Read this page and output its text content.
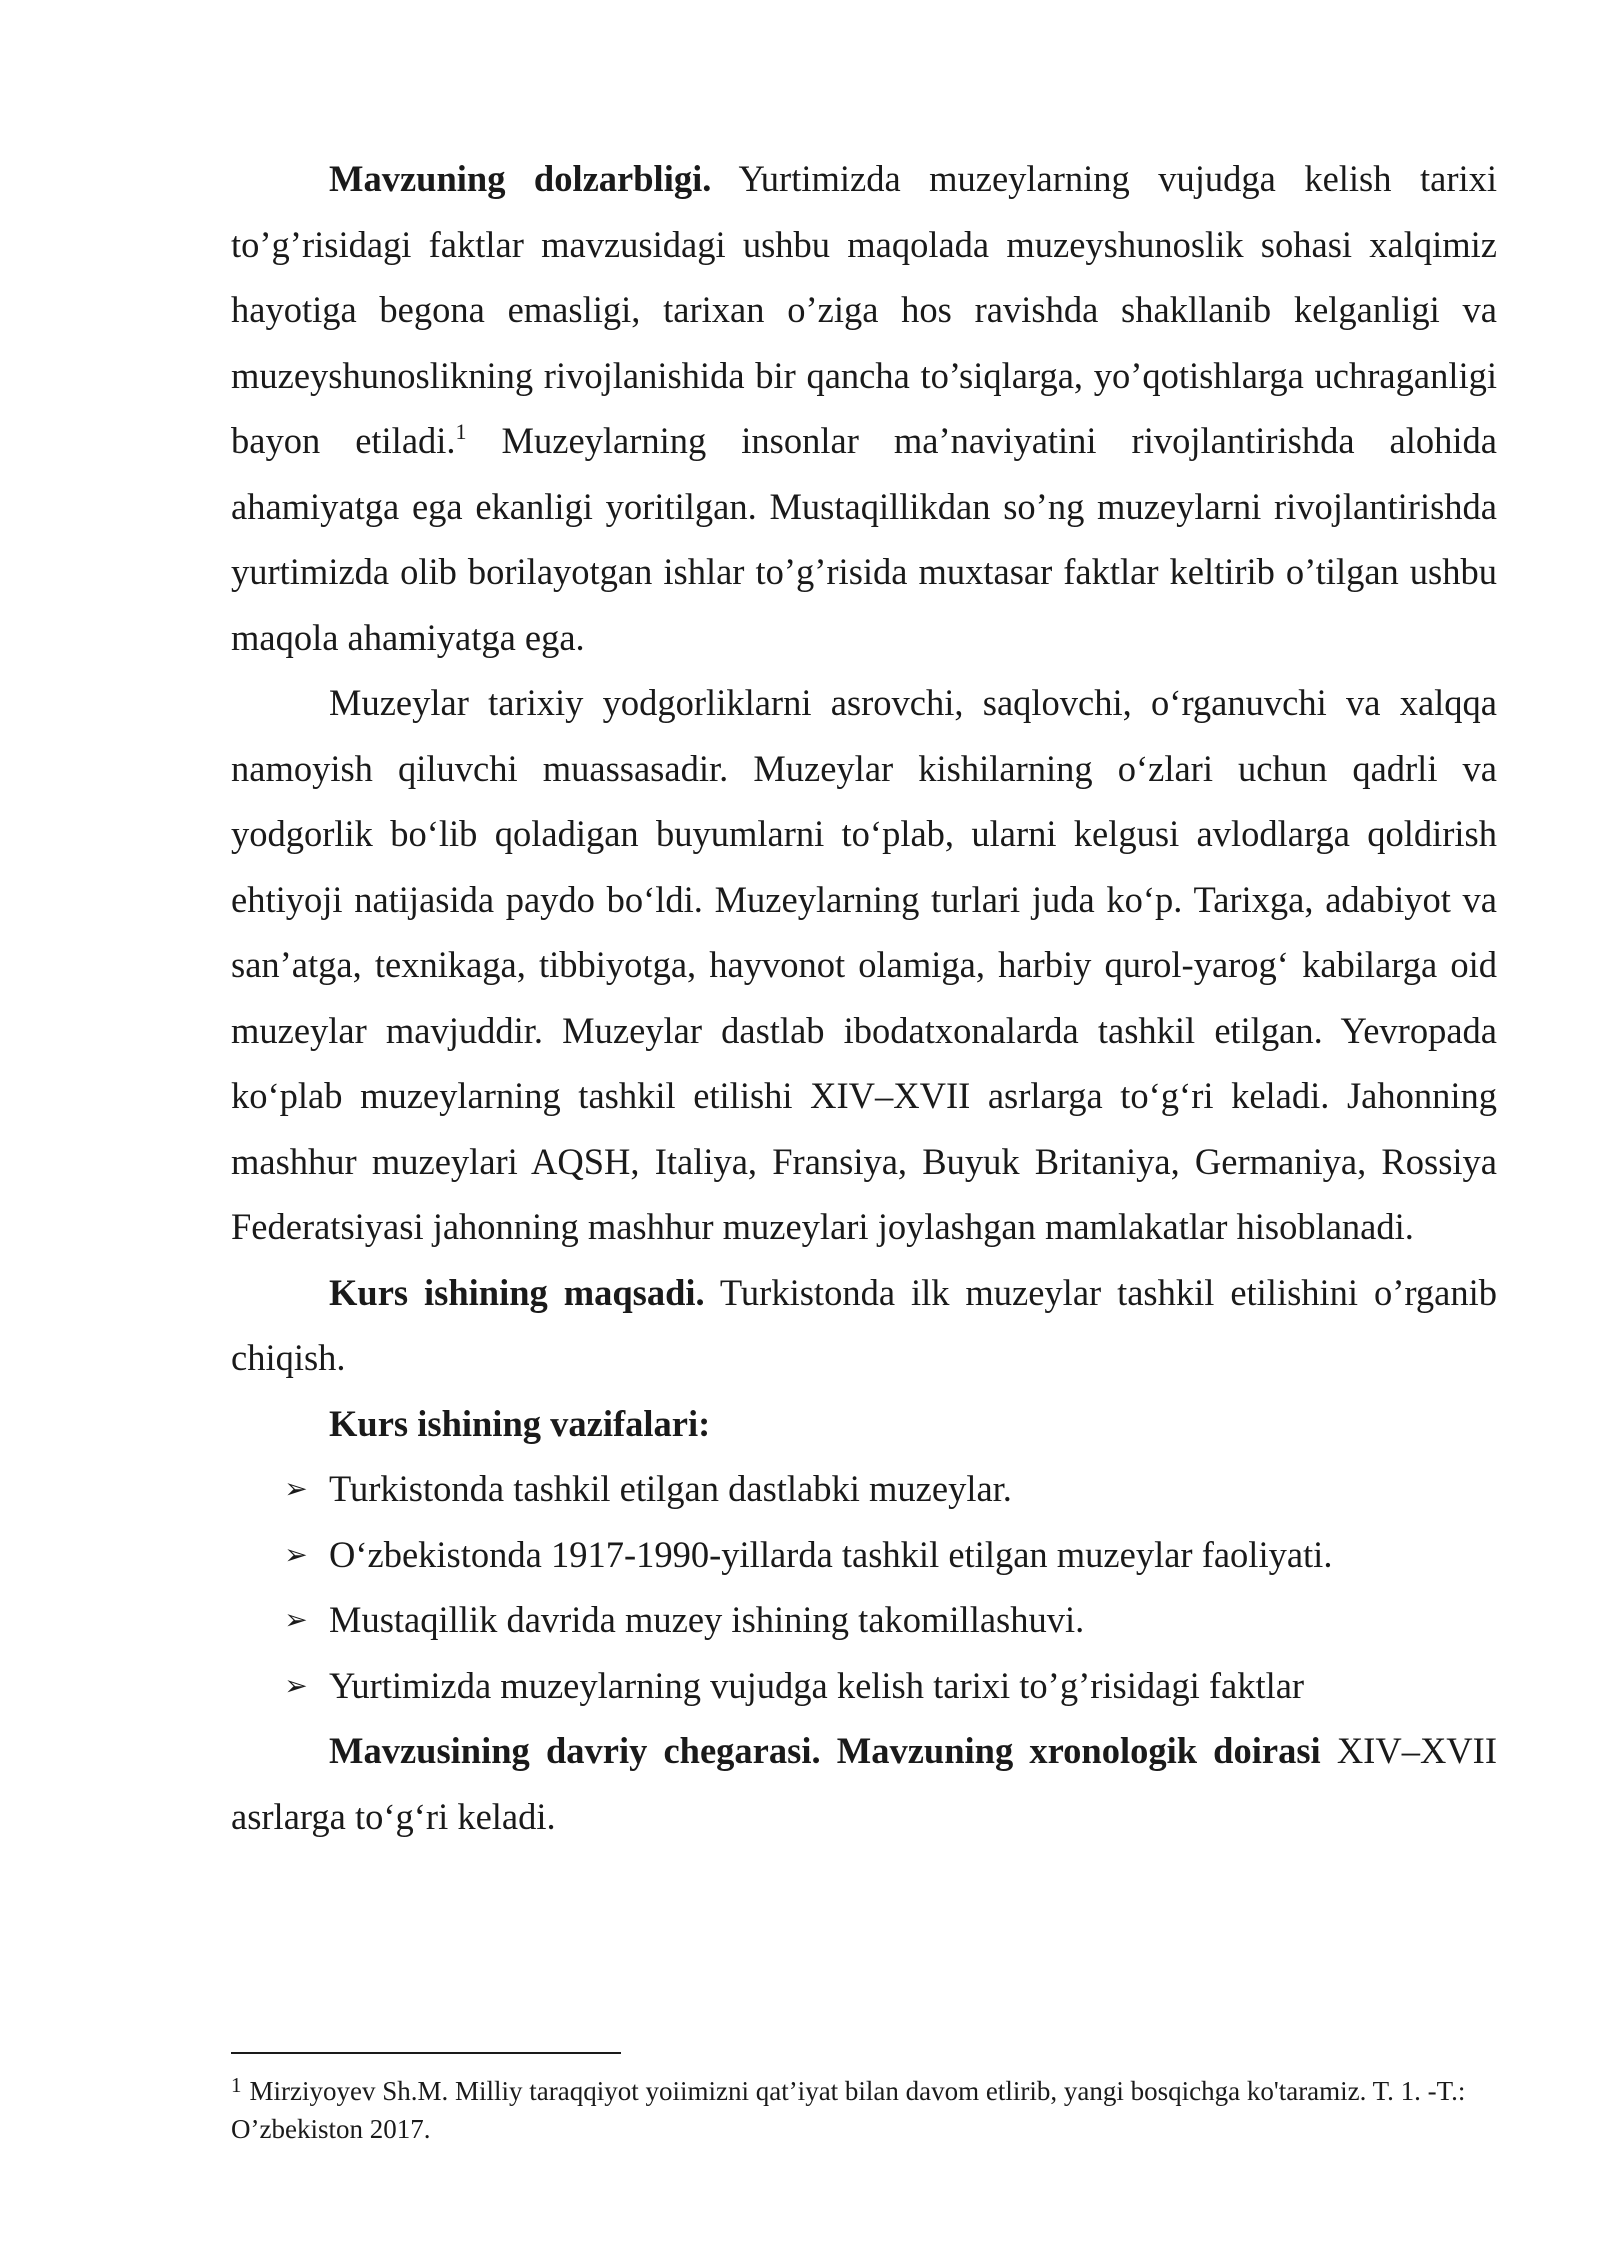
Mavzuning dolzarbligi. Yurtimizda muzeylarning vujudga kelish tarixi to’g’risidagi faktlar mavzusidagi ushbu maqolada muzeyshunoslik sohasi xalqimiz hayotiga begona emasligi, tarixan o’ziga hos ravishda shakllanib kelganligi va muzeyshunoslikning rivojlanishida bir qancha to’siqlarga, yo’qotishlarga uchraganligi bayon etiladi.$^1$ Muzeylarning insonlar ma’naviyatini rivojlantirishda alohida ahamiyatga ega ekanligi yoritilgan. Mustaqillikdan so’ng muzeylarni rivojlantirishda yurtimizda olib borilayotgan ishlar to’g’risida muxtasar faktlar keltirib o’tilgan ushbu maqola ahamiyatga ega.

Muzeylar tarixiy yodgorliklarni asrovchi, saqlovchi, o‘rganuvchi va xalqqa namoyish qiluvchi muassasadir. Muzeylar kishilarning o‘zlari uchun qadrli va yodgorlik bo‘lib qoladigan buyumlarni to‘plab, ularni kelgusi avlodlarga qoldirish ehtiyoji natijasida paydo bo‘ldi. Muzeylarning turlari juda ko‘p. Tarixga, adabiyot va san’atga, texnikaga, tibbiyotga, hayvonot olamiga, harbiy qurol-yarog‘ kabilarga oid muzeylar mavjuddir. Muzeylar dastlab ibodatxonalarda tashkil etilgan. Yevropada ko‘plab muzeylarning tashkil etilishi XIV–XVII asrlarga to‘g‘ri keladi. Jahonning mashhur muzeylari AQSH, Italiya, Fransiya, Buyuk Britaniya, Germaniya, Rossiya Federatsiyasi jahonning mashhur muzeylari joylashgan mamlakatlar hisoblanadi.

Kurs ishining maqsadi. Turkistonda ilk muzeylar tashkil etilishini o’rganib chiqish.

Kurs ishining vazifalari:

➢ Turkistonda tashkil etilgan dastlabki muzeylar.
➢ O‘zbekistonda 1917-1990-yillarda tashkil etilgan muzeylar faoliyati.
➢ Mustaqillik davrida muzey ishining takomillashuvi.
➢ Yurtimizda muzeylarning vujudga kelish tarixi to’g’risidagi faktlar

Mavzusining davriy chegarasi. Mavzuning xronologik doirasi XIV–XVII asrlarga to‘g‘ri keladi.

$^1$ Mirziyoyev Sh.M. Milliy taraqqiyot yoiimizni qat’iyat bilan davom etlirib, yangi bosqichga ko'taramiz. T. 1. -T.: O’zbekiston 2017.
